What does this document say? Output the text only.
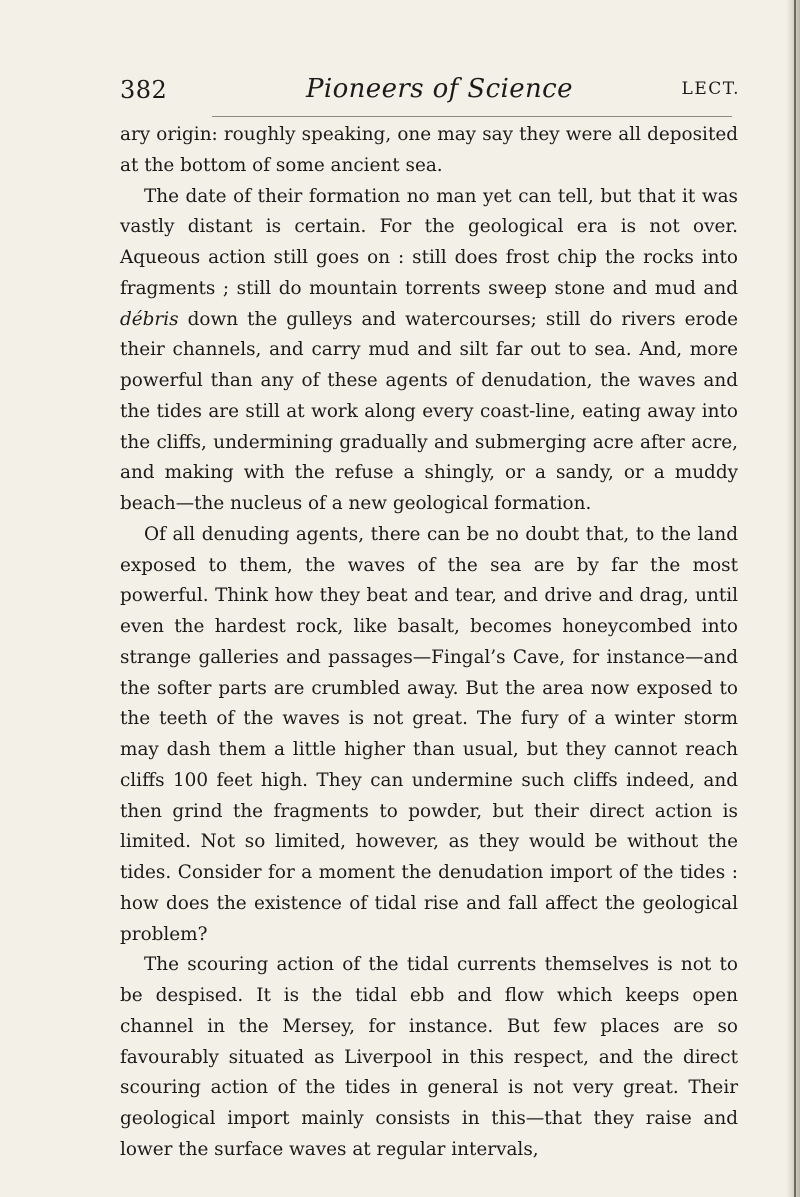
382	Pioneers of Science	LECT.

ary origin: roughly speaking, one may say they were all deposited at the bottom of some ancient sea.

The date of their formation no man yet can tell, but that it was vastly distant is certain. For the geological era is not over. Aqueous action still goes on : still does frost chip the rocks into fragments ; still do mountain torrents sweep stone and mud and débris down the gulleys and watercourses; still do rivers erode their channels, and carry mud and silt far out to sea. And, more powerful than any of these agents of denudation, the waves and the tides are still at work along every coast-line, eating away into the cliffs, undermining gradually and submerging acre after acre, and making with the refuse a shingly, or a sandy, or a muddy beach—the nucleus of a new geological formation.

Of all denuding agents, there can be no doubt that, to the land exposed to them, the waves of the sea are by far the most powerful. Think how they beat and tear, and drive and drag, until even the hardest rock, like basalt, becomes honeycombed into strange galleries and passages—Fingal’s Cave, for instance—and the softer parts are crumbled away. But the area now exposed to the teeth of the waves is not great. The fury of a winter storm may dash them a little higher than usual, but they cannot reach cliffs 100 feet high. They can undermine such cliffs indeed, and then grind the fragments to powder, but their direct action is limited. Not so limited, however, as they would be without the tides. Consider for a moment the denudation import of the tides : how does the existence of tidal rise and fall affect the geological problem?

The scouring action of the tidal currents themselves is not to be despised. It is the tidal ebb and flow which keeps open channel in the Mersey, for instance. But few places are so favourably situated as Liverpool in this respect, and the direct scouring action of the tides in general is not very great. Their geological import mainly consists in this—that they raise and lower the surface waves at regular intervals,
